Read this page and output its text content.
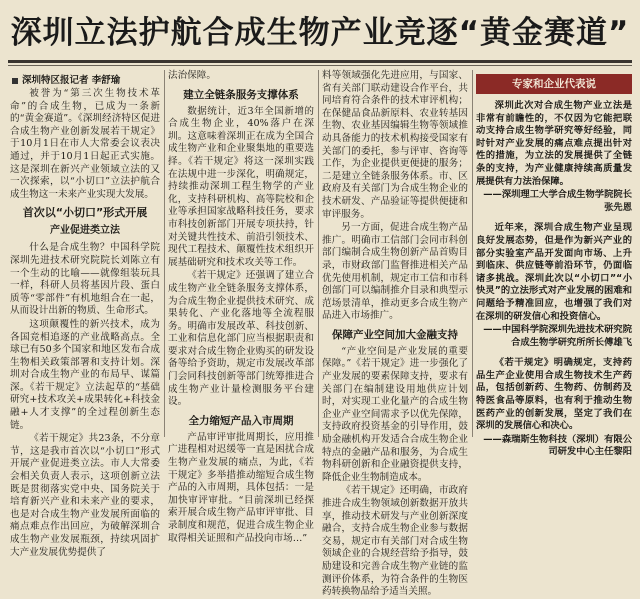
深圳立法护航合成生物产业竞逐“黄金赛道”
深圳特区报记者 李舒瑜

被誉为“第三次生物技术革命”的合成生物，已成为一条新的“黄金赛道”。《深圳经济特区促进合成生物产业创新发展若干规定》于10月1日在市人大常委会议表决通过，并于10月1日起正式实施。这是深圳在新兴产业领域立法的又一次探索，以“小切口”立法护航合成生物这一未来产业实现大发展。

首次以“小切口”形式开展
产业促进类立法

什么是合成生物？中国科学院深圳先进技术研究院院长刘陈立有一个生动的比喻——就像组装玩具一样，科研人员将基因片段、蛋白质等“零部件”有机地组合在一起，从而设计出新的物质、生命形式。

这项颠覆性的新兴技术，成为各国竞相追逐的产业战略高点。全球已有50多个国家和地区发布合成生物相关政策部署和支持计划。深圳对合成生物产业的布局早、谋篇深。《若干规定》立法起草的“基础研究+技术攻关+成果转化+科技金融+人才支撑”的全过程创新生态链。

《若干规定》共23条，不分章节，这是我市首次以“小切口”形式开展产业促进类立法。市人大常委会相关负责人表示，这项创新立法既是贯彻落实党中央、国务院关于培育新兴产业和未来产业的要求，也是对合成生物产业发展所面临的痛点难点作出回应，为破解深圳合成生物产业发展瓶颈，持续巩固扩大产业发展优势提供了

法治保障。

建立全链条服务支撑体系

数据统计，近3年全国新增的合成生物企业，40%落户在深圳。这意味着深圳正在成为全国合成生物产业和企业聚集地的重要选择。《若干规定》将这一深圳实践在法规中进一步深化，明确规定，持续推动深圳工程生物学的产业化，支持科研机构、高等院校和企业等承担国家战略科技任务，要求市科技创新部门开展专项扶持，针对关键共性技术、前沿引领技术、现代工程技术、颠覆性技术组织开展基础研究和技术攻关等工作。

《若干规定》还强调了建立合成生物产业全链条服务支撑体系，为合成生物企业提供技术研究、成果转化、产业化落地等全流程服务。明确市发展改革、科技创新、工业和信息化部门应当根据职责和要求对合成生物企业购买的研发设备等给予资助，规定市发展改革部门会同科技创新等部门统筹推进合成生物产业计量检测服务平台建设。

全力缩短产品入市周期

产品审评审批周期长，应用推广进程相对迟缓等一直是困扰合成生物产业发展的痛点，为此，《若干规定》多举措推动缩短合成生物产品的入市周期，具体包括：一是加快审评审批。“目前深圳已经探索开展合成生物产品审评审批、目录制度和规范，促进合成生物企业取得相关证照和产品投向市场…”

料等领域强化先进应用，与国家、省有关部门联动建设合作平台，共同培育符合条件的技术审评机构；在保健品食品新原料、农业转基因生物、农业基因编辑生物等领域推动具备能力的技术机构接受国家有关部门的委托，参与评审、咨询等工作，为企业提供更便捷的服务；二是建立全链条服务体系。市、区政府及有关部门为合成生物企业的技术研发、产品验证等提供便捷和审评服务。

另一方面，促进合成生物产品推广。明确市工信部门会同市科创部门编制合成生物创新产品首购目录，市财政部门监督推进相关产品优先使用机制，规定市工信和市科创部门可以编制推介目录和典型示范场景清单，推动更多合成生物产品进入市场推广。

保障产业空间加大金融支持

“产业空间是产业发展的重要保障。”《若干规定》进一步强化了产业发展的要素保障支持，要求有关部门在编制建设用地供应计划时，对实现工业化量产的合成生物企业产业空间需求予以优先保障，支持政府投资基金的引导作用，鼓励金融机构开发适合合成生物企业特点的金融产品和服务，为合成生物科研创新和企业融资提供支持，降低企业生物制造成本。

《若干规定》还明确，市政府推进合成生物领域创新数据开放共享，推动技术研发与产业创新深度融合，支持合成生物企业参与数据交易，规定市有关部门对合成生物领域企业的合规经营给予指导，鼓励建设和完善合成生物产业链的监测评价体系，为符合条件的生物医药转换物品给予适当关照。

专家和企业代表说

深圳此次对合成生物产业立法是非常有前瞻性的，不仅因为它能把联动支持合成生物学研究等好经验，同时针对产业发展的痛点难点提出针对性的措施，为立法的发展提供了全链条的支持，为产业健康持续高质量发展提供有力法治保障。

——深圳理工大学合成生物学院院长张先恩

近年来，深圳合成生物产业呈现良好发展态势，但是作为新兴产业的部分实验室产品开发面向市场、上升到临床、供应链等前沿环节，仍面临诸多挑战。深圳此次以“小切口”“小快灵”的立法形式对产业发展的困难和问题给予精准回应，也增强了我们对在深圳的研发信心和投资信心。

——中国科学院深圳先进技术研究院合成生物学研究所所长傅雄飞

《若干规定》明确规定，支持药品生产企业使用合成生物技术生产药品，包括创新药、生物药、仿制药及特医食品等原料，也有利于推动生物医药产业的创新发展，坚定了我们在深圳的发展信心和决心。

——森瑞斯生物科技（深圳）有限公司研发中心主任黎阳
